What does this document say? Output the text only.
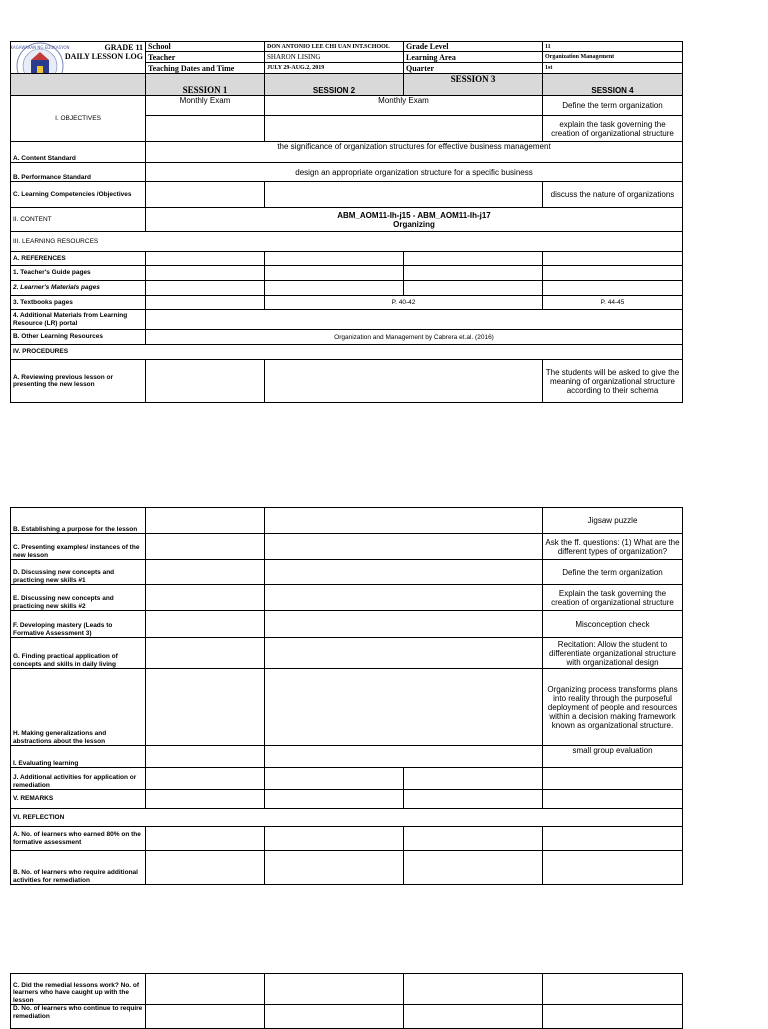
KAGAWARAN NG EDUKASYON	GRADE 11
DAILY LESSON LOG	School	DON ANTONIO LEE CHI UAN INT.SCHOOL	Grade Level	11
	Teacher	SHARON LISING	Learning Area	Organization Management
	Teaching Dates and Time	JULY 29-AUG.2, 2019	Quarter	1st
	SESSION 1	SESSION 2	SESSION 3	SESSION 4
I. OBJECTIVES	Monthly Exam	Monthly Exam		Define the term organization
				explain the task governing the creation of organizational structure
A. Content Standard	the significance of organization structures for effective business management			
B. Performance Standard	design an appropriate organization structure for a specific business			
C. Learning Competencies /Objectives				discuss the nature of organizations
II. CONTENT	ABM_AOM11-Ih-j15 - ABM_AOM11-Ih-j17
Organizing			

III. LEARNING RESOURCES				
A. REFERENCES				
1. Teacher's Guide pages				
2. Learner's Materials pages				
3. Textbooks pages		P. 40-42		P. 44-45
4. Additional Materials from Learning Resource (LR) portal				
B. Other Learning Resources	Organization and Management by Cabrera et.al. (2016)			
IV. PROCEDURES				
A. Reviewing previous lesson or presenting the new lesson				The students will be asked to give the meaning of organizational structure according to their schema
B. Establishing a purpose for the lesson				Jigsaw puzzle
C. Presenting examples/ instances of the new lesson				Ask the ff. questions: (1) What are the different types of organization?
D. Discussing new concepts and practicing new skills #1				Define the term organization
E. Discussing new concepts and practicing new skills #2				Explain the task governing the creation of organizational structure
F. Developing mastery (Leads to Formative Assessment 3)				Misconception check
G. Finding practical application of concepts and skills in daily living				Recitation: Allow the student to differentiate organizational structure with organizational design
H. Making generalizations and abstractions about the lesson				Organizing process transforms plans into reality through the purposeful deployment of people and resources within a decision making framework known as organizational structure.
I. Evaluating learning				small group evaluation
J. Additional activities for application or remediation				
V. REMARKS				
VI. REFLECTION				
A. No. of learners who earned 80% on the formative assessment				
B. No. of learners who require additional activities for remediation				
C. Did the remedial lessons work? No. of learners who have caught up with the lesson				
D. No. of learners who continue to require remediation				
